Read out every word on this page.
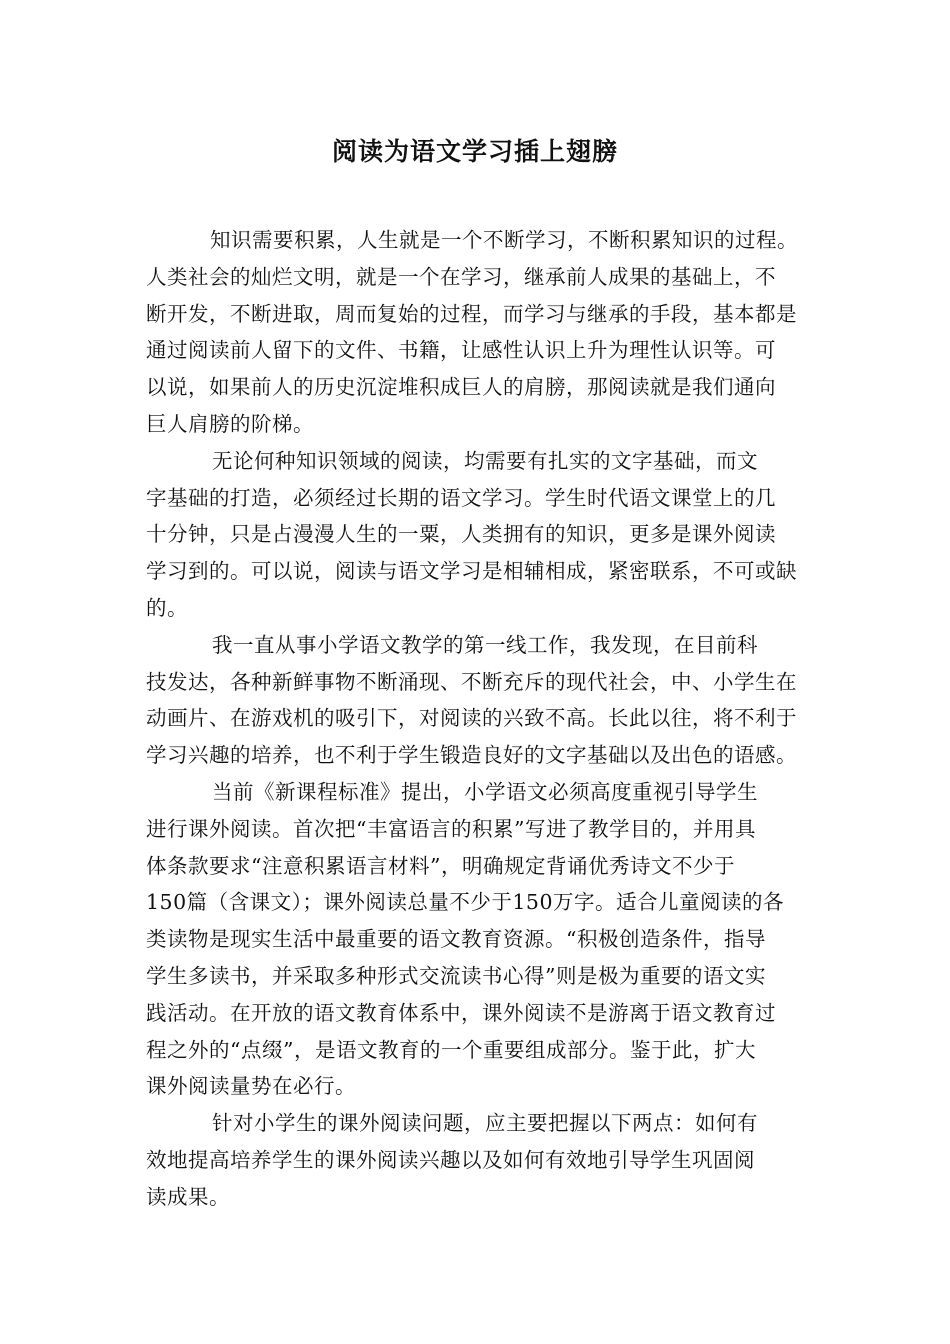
阅读为语文学习插上翅膀

知识需要积累，人生就是一个不断学习，不断积累知识的过程。
人类社会的灿烂文明，就是一个在学习，继承前人成果的基础上，不
断开发，不断进取，周而复始的过程，而学习与继承的手段，基本都是
通过阅读前人留下的文件、书籍，让感性认识上升为理性认识等。可
以说，如果前人的历史沉淀堆积成巨人的肩膀，那阅读就是我们通向
巨人肩膀的阶梯。

无论何种知识领域的阅读，均需要有扎实的文字基础，而文
字基础的打造，必须经过长期的语文学习。学生时代语文课堂上的几
十分钟，只是占漫漫人生的一粟，人类拥有的知识，更多是课外阅读
学习到的。可以说，阅读与语文学习是相辅相成，紧密联系，不可或缺
的。

我一直从事小学语文教学的第一线工作，我发现，在目前科
技发达，各种新鲜事物不断涌现、不断充斥的现代社会，中、小学生在
动画片、在游戏机的吸引下，对阅读的兴致不高。长此以往，将不利于
学习兴趣的培养，也不利于学生锻造良好的文字基础以及出色的语感。

当前《新课程标准》提出，小学语文必须高度重视引导学生
进行课外阅读。首次把“丰富语言的积累”写进了教学目的，并用具
体条款要求“注意积累语言材料”，明确规定背诵优秀诗文不少于
150篇（含课文）；课外阅读总量不少于150万字。适合儿童阅读的各
类读物是现实生活中最重要的语文教育资源。“积极创造条件，指导
学生多读书，并采取多种形式交流读书心得”则是极为重要的语文实
践活动。在开放的语文教育体系中，课外阅读不是游离于语文教育过
程之外的“点缀”，是语文教育的一个重要组成部分。鉴于此，扩大
课外阅读量势在必行。

针对小学生的课外阅读问题，应主要把握以下两点：如何有
效地提高培养学生的课外阅读兴趣以及如何有效地引导学生巩固阅
读成果。
